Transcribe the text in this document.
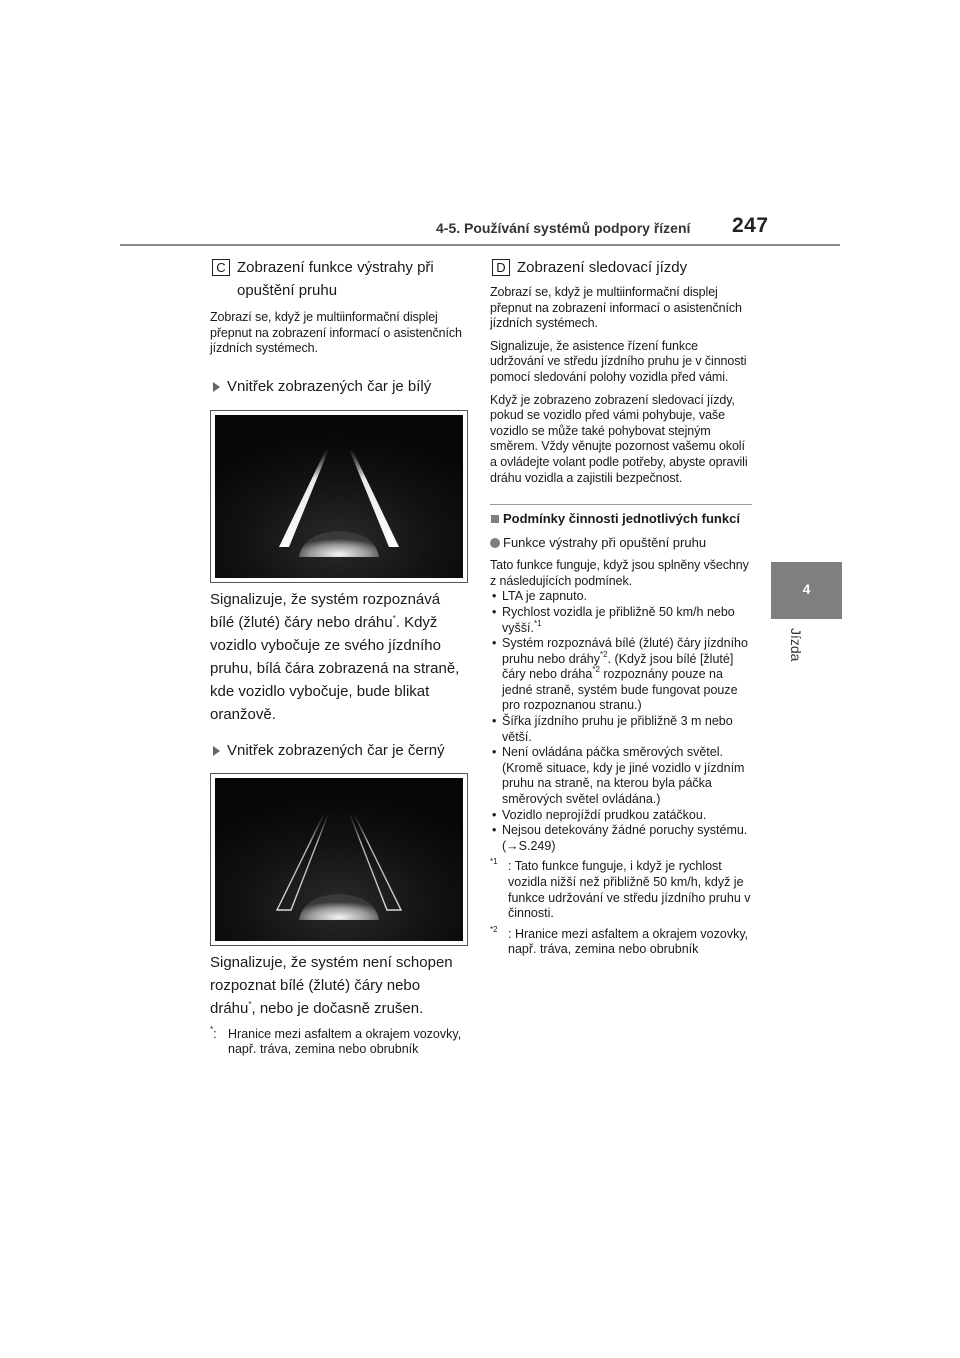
4-5. Používání systémů podpory řízení 247
4
Jízda
C Zobrazení funkce výstrahy při opuštění pruhu

Zobrazí se, když je multiinformační displej přepnut na zobrazení informací o asistenčních jízdních systémech.

Vnitřek zobrazených čar je bílý

Signalizuje, že systém rozpoznává bílé (žluté) čáry nebo dráhu*. Když vozidlo vybočuje ze svého jízdního pruhu, bílá čára zobrazená na straně, kde vozidlo vybočuje, bude blikat oranžově.

Vnitřek zobrazených čar je černý

Signalizuje, že systém není schopen rozpoznat bílé (žluté) čáry nebo dráhu*, nebo je dočasně zrušen.

*: Hranice mezi asfaltem a okrajem vozovky, např. tráva, zemina nebo obrubník
D Zobrazení sledovací jízdy

Zobrazí se, když je multiinformační displej přepnut na zobrazení informací o asistenčních jízdních systémech.

Signalizuje, že asistence řízení funkce udržování ve středu jízdního pruhu je v činnosti pomocí sledování polohy vozidla před vámi.

Když je zobrazeno zobrazení sledovací jízdy, pokud se vozidlo před vámi pohybuje, vaše vozidlo se může také pohybovat stejným směrem. Vždy věnujte pozornost vašemu okolí a ovládejte volant podle potřeby, abyste opravili dráhu vozidla a zajistili bezpečnost.

Podmínky činnosti jednotlivých funkcí
Funkce výstrahy při opuštění pruhu

Tato funkce funguje, když jsou splněny všechny z následujících podmínek.

• LTA je zapnuto.
• Rychlost vozidla je přibližně 50 km/h nebo vyšší.$^{*1}$
• Systém rozpoznává bílé (žluté) čáry jízdního pruhu nebo dráhy$^{*2}$. (Když jsou bílé [žluté] čáry nebo dráha$^{*2}$ rozpoznány pouze na jedné straně, systém bude fungovat pouze pro rozpoznanou stranu.)
• Šířka jízdního pruhu je přibližně 3 m nebo větší.
• Není ovládána páčka směrových světel. (Kromě situace, kdy je jiné vozidlo v jízdním pruhu na straně, na kterou byla páčka směrových světel ovládána.)
• Vozidlo neprojíždí prudkou zatáčkou.
• Nejsou detekovány žádné poruchy systému. (→S.249)
$^{*1}$ : Tato funkce funguje, i když je rychlost vozidla nižší než přibližně 50 km/h, když je funkce udržování ve středu jízdního pruhu v činnosti.
$^{*2}$ : Hranice mezi asfaltem a okrajem vozovky, např. tráva, zemina nebo obrubník
